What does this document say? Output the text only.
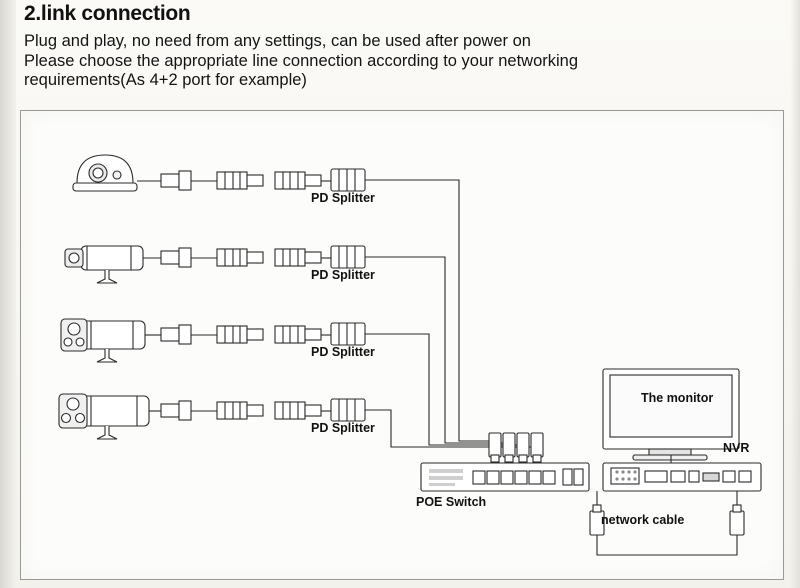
2.link connection
Plug and play, no need from any settings, can be used after power on
Please choose the appropriate line connection according to your networking
requirements(As 4+2 port for example)
PD Splitter
PD Splitter
PD Splitter
PD Splitter
POE Switch
The monitor
NVR
network cable
